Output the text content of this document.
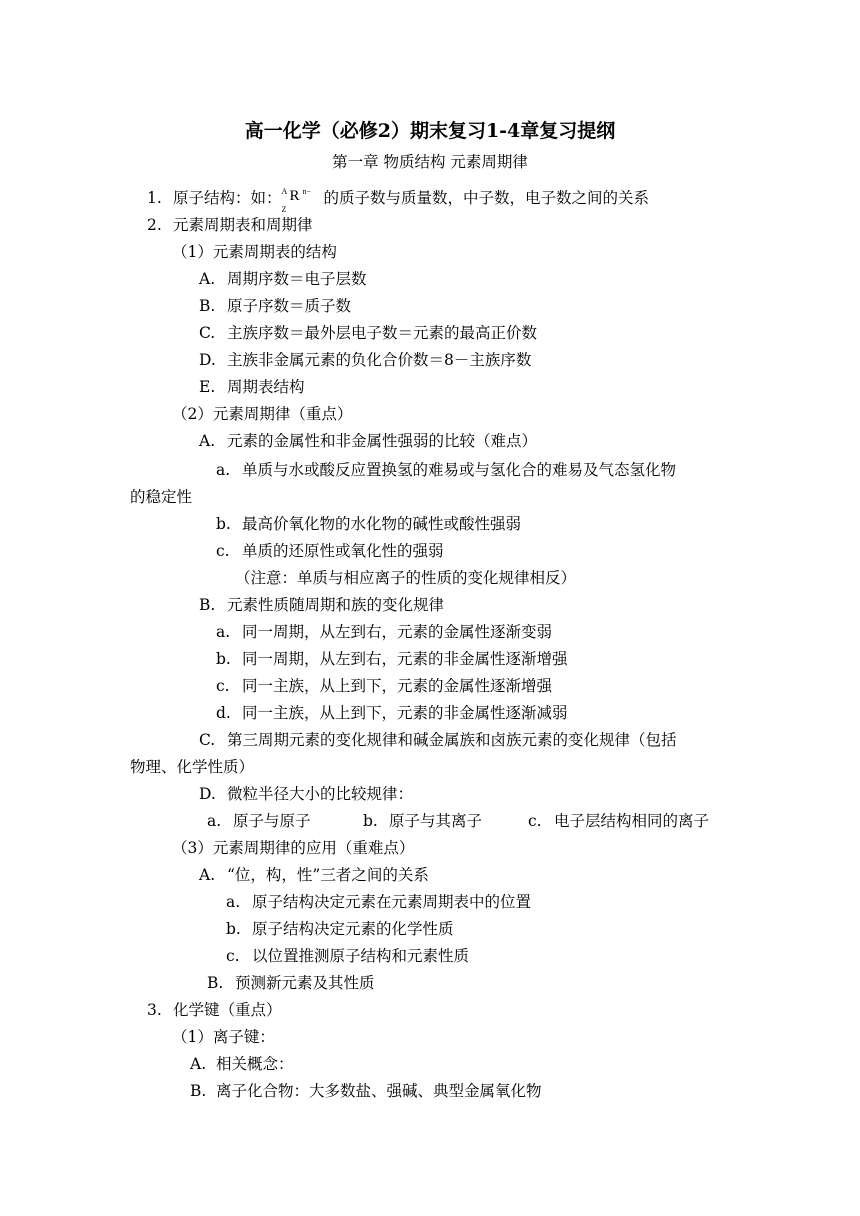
高一化学（必修2）期末复习1-4章复习提纲
第一章 物质结构 元素周期律
1. 原子结构：如： A
Z
R n− 的质子数与质量数，中子数，电子数之间的关系
2. 元素周期表和周期律
（1）元素周期表的结构
A. 周期序数＝电子层数
B. 原子序数＝质子数
C. 主族序数＝最外层电子数＝元素的最高正价数
D. 主族非金属元素的负化合价数＝8－主族序数
E. 周期表结构
（2）元素周期律（重点）
A. 元素的金属性和非金属性强弱的比较（难点）
a. 单质与水或酸反应置换氢的难易或与氢化合的难易及气态氢化物
的稳定性
b. 最高价氧化物的水化物的碱性或酸性强弱
c. 单质的还原性或氧化性的强弱
（注意：单质与相应离子的性质的变化规律相反）
B. 元素性质随周期和族的变化规律
a. 同一周期，从左到右，元素的金属性逐渐变弱
b. 同一周期，从左到右，元素的非金属性逐渐增强
c. 同一主族，从上到下，元素的金属性逐渐增强
d. 同一主族，从上到下，元素的非金属性逐渐减弱
C. 第三周期元素的变化规律和碱金属族和卤族元素的变化规律（包括
物理、化学性质）
D. 微粒半径大小的比较规律：
a. 原子与原子	b. 原子与其离子	c. 电子层结构相同的离子
（3）元素周期律的应用（重难点）
A. “位，构，性”三者之间的关系
a. 原子结构决定元素在元素周期表中的位置
b. 原子结构决定元素的化学性质
c. 以位置推测原子结构和元素性质
B. 预测新元素及其性质
3. 化学键（重点）
（1）离子键：
A. 相关概念：
B. 离子化合物：大多数盐、强碱、典型金属氧化物
